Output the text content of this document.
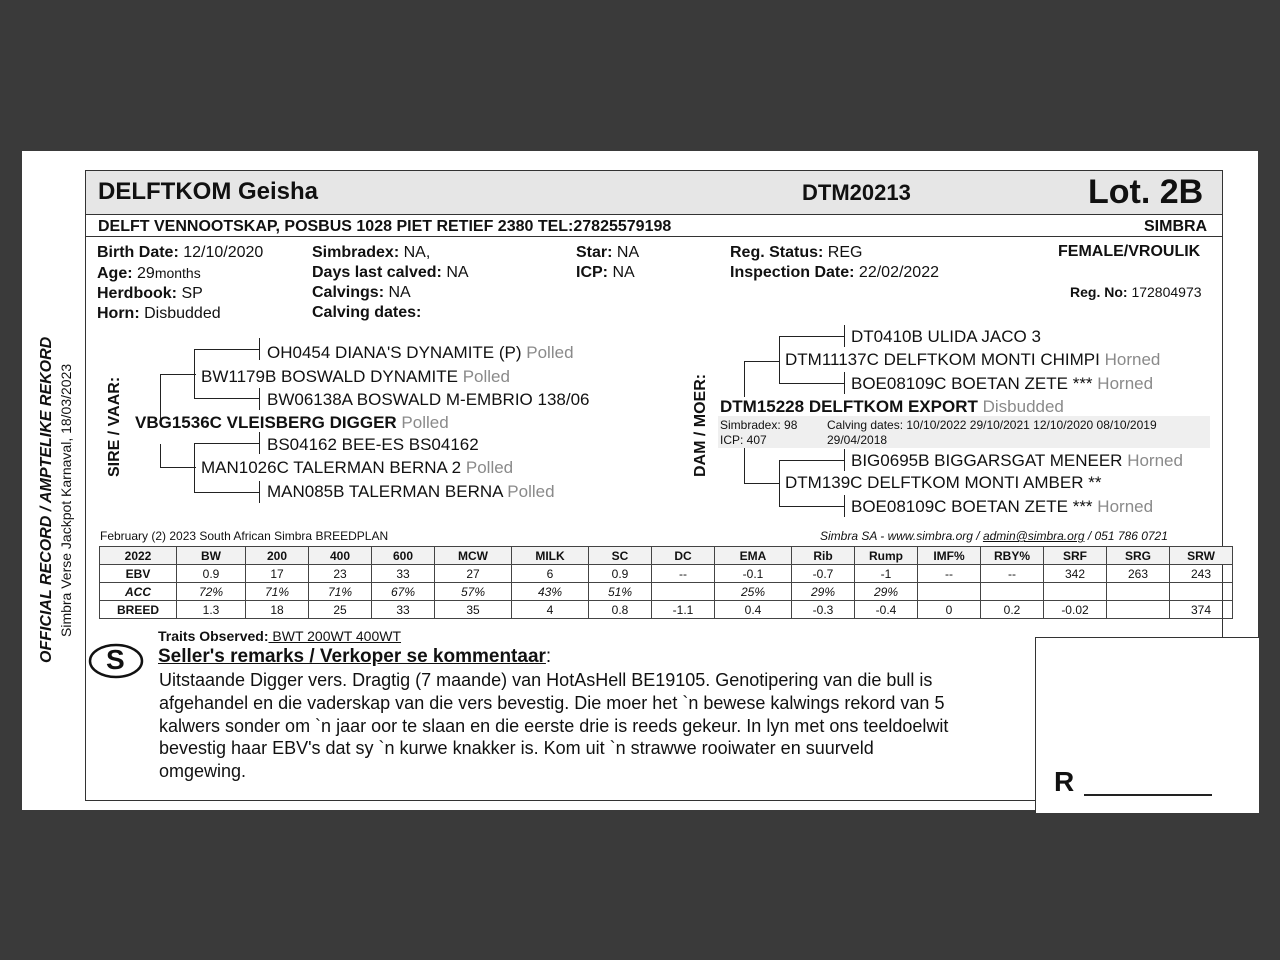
OFFICIAL RECORD / AMPTELIKE REKORD Simbra Verse Jackpot Karnaval, 18/03/2023
DELFTKOM Geisha	DTM20213	Lot. 2B
DELFT VENNOOTSKAP, POSBUS 1028 PIET RETIEF 2380 TEL:27825579198	SIMBRA
Birth Date: 12/10/2020
Age: 29months
Herdbook: SP
Horn: Disbudded
Simbradex: NA,
Days last calved: NA
Calvings: NA
Calving dates:
Star: NA
ICP: NA
Reg. Status: REG
Inspection Date: 22/02/2022
FEMALE/VROULIK
Reg. No: 172804973
SIRE / VAAR:
OH0454 DIANA'S DYNAMITE (P) Polled
BW1179B BOSWALD DYNAMITE Polled
BW06138A BOSWALD M-EMBRIO 138/06
VBG1536C VLEISBERG DIGGER Polled
BS04162 BEE-ES BS04162
MAN1026C TALERMAN BERNA 2 Polled
MAN085B TALERMAN BERNA Polled
DAM / MOER:
DT0410B ULIDA JACO 3
DTM11137C DELFTKOM MONTI CHIMPI Horned
BOE08109C BOETAN ZETE *** Horned
DTM15228 DELFTKOM EXPORT Disbudded
Simbradex: 98
ICP: 407
Calving dates: 10/10/2022 29/10/2021 12/10/2020 08/10/2019
29/04/2018
BIG0695B BIGGARSGAT MENEER Horned
DTM139C DELFTKOM MONTI AMBER **
BOE08109C BOETAN ZETE *** Horned
February (2) 2023 South African Simbra BREEDPLAN	Simbra SA - www.simbra.org / admin@simbra.org / 051 786 0721
2022	BW	200	400	600	MCW	MILK	SC	DC	EMA	Rib	Rump	IMF%	RBY%	SRF	SRG	SRW
EBV	0.9	17	23	33	27	6	0.9	--	-0.1	-0.7	-1	--	--	342	263	243
ACC	72%	71%	71%	67%	57%	43%	51%		25%	29%	29%					
BREED	1.3	18	25	33	35	4	0.8	-1.1	0.4	-0.3	-0.4	0	0.2	-0.02		374
R
Traits Observed: BWT 200WT 400WT
S Seller's remarks / Verkoper se kommentaar:
Uitstaande Digger vers. Dragtig (7 maande) van HotAsHell BE19105. Genotipering van die bull is
afgehandel en die vaderskap van die vers bevestig. Die moer het `n bewese kalwings rekord van 5
kalwers sonder om `n jaar oor te slaan en die eerste drie is reeds gekeur. In lyn met ons teeldoelwit
bevestig haar EBV's dat sy `n kurwe knakker is. Kom uit `n strawwe rooiwater en suurveld
omgewing.
